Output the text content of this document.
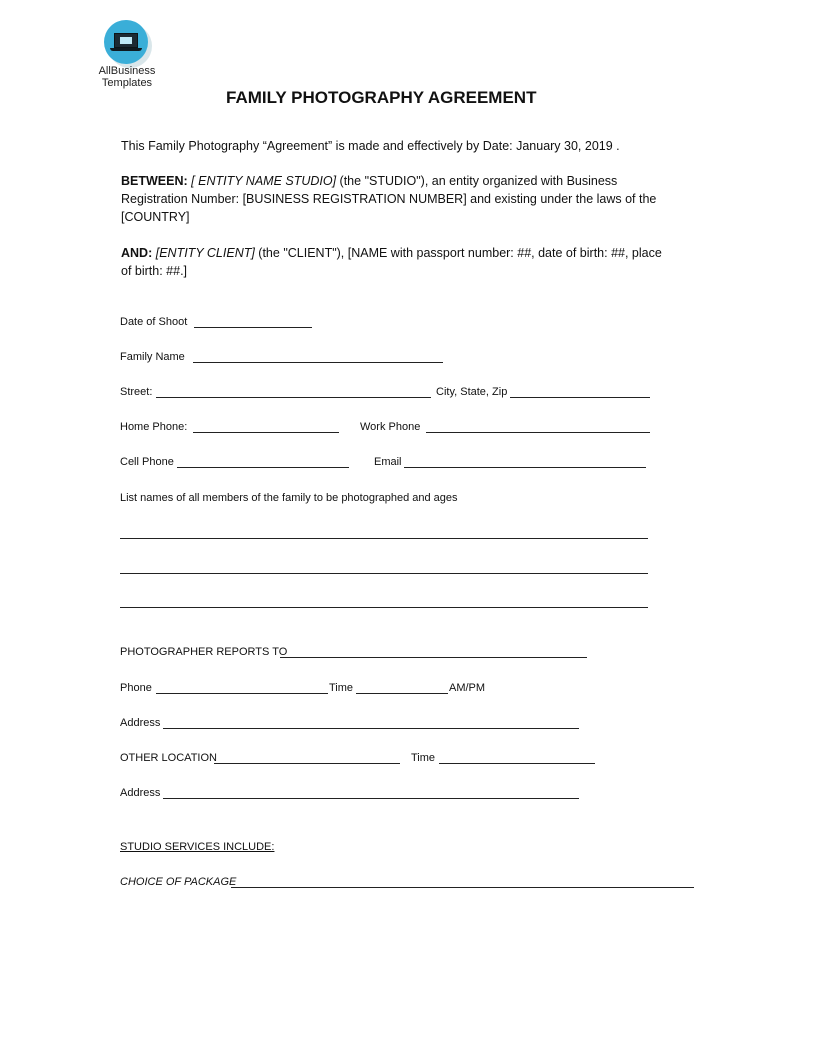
AllBusiness
Templates
FAMILY PHOTOGRAPHY AGREEMENT
This Family Photography “Agreement” is made and effectively by Date: January 30, 2019 .
BETWEEN: [ ENTITY NAME STUDIO] (the "STUDIO"), an entity organized with Business
Registration Number: [BUSINESS REGISTRATION NUMBER] and existing under the laws of the
[COUNTRY]
AND: [ENTITY CLIENT] (the "CLIENT"), [NAME with passport number: ##, date of birth: ##, place
of birth: ##.]
Date of Shoot
Family Name
Street:	City, State, Zip
Home Phone:	Work Phone
Cell Phone	Email
List names of all members of the family to be photographed and ages
PHOTOGRAPHER REPORTS TO
Phone	Time	AM/PM
Address
OTHER LOCATION	Time
Address
STUDIO SERVICES INCLUDE:
CHOICE OF PACKAGE
